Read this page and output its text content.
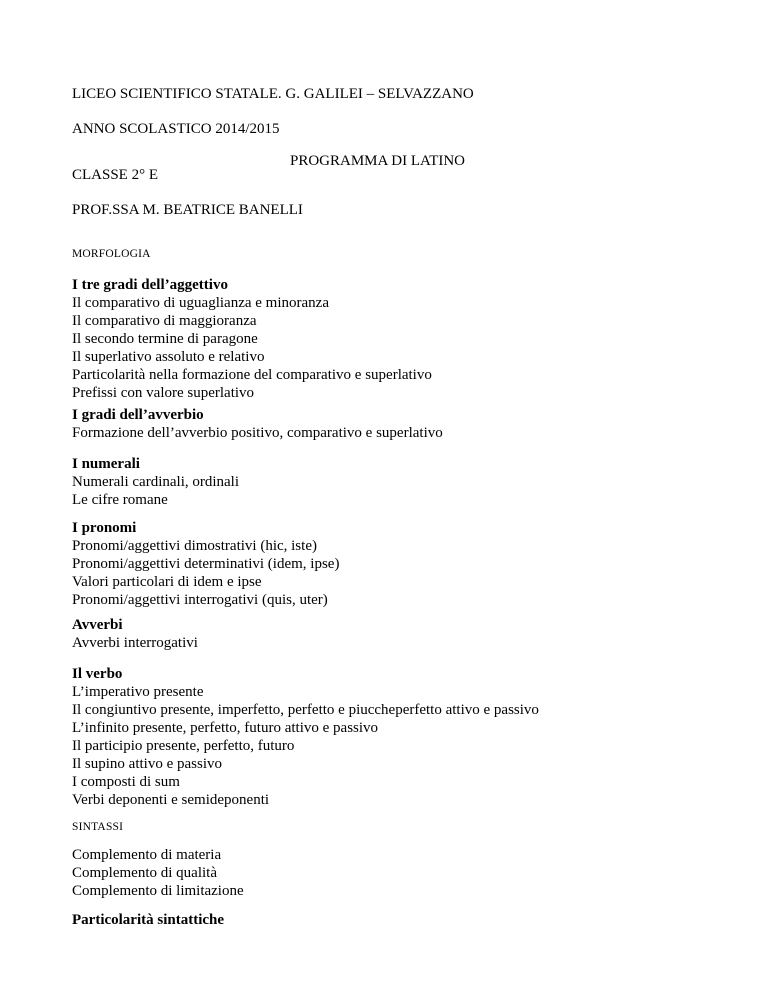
LICEO SCIENTIFICO STATALE. G. GALILEI – SELVAZZANO
ANNO SCOLASTICO 2014/2015
PROGRAMMA DI LATINO
CLASSE 2° E
PROF.SSA M. BEATRICE BANELLI
MORFOLOGIA
I tre gradi dell’aggettivo
Il comparativo di uguaglianza e minoranza
Il comparativo di maggioranza
Il secondo termine di paragone
Il superlativo assoluto e relativo
Particolarità nella formazione del comparativo e superlativo
Prefissi con valore superlativo
I gradi dell’avverbio
Formazione dell’avverbio positivo, comparativo e superlativo
I numerali
Numerali cardinali, ordinali
Le cifre romane
I pronomi
Pronomi/aggettivi dimostrativi (hic, iste)
Pronomi/aggettivi determinativi (idem, ipse)
Valori particolari di idem e ipse
Pronomi/aggettivi interrogativi (quis, uter)
Avverbi
Avverbi interrogativi
Il verbo
L’imperativo presente
Il congiuntivo presente, imperfetto, perfetto e piuccheperfetto attivo e passivo
L’infinito presente, perfetto, futuro attivo e passivo
Il participio presente, perfetto, futuro
Il supino attivo e passivo
I composti di sum
Verbi deponenti e semideponenti
SINTASSI
Complemento di materia
Complemento di qualità
Complemento di limitazione
Particolarità sintattiche
